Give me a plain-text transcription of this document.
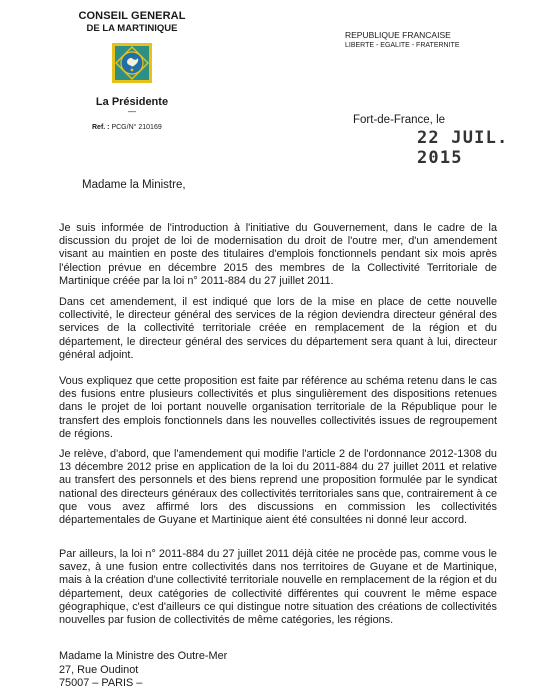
CONSEIL GENERAL
DE LA MARTINIQUE
La Présidente
—
Ref. : PCG/N° 210169
REPUBLIQUE FRANCAISE
LIBERTE - EGALITE - FRATERNITE
Fort-de-France, le
22 JUIL. 2015
Madame la Ministre,
Je suis informée de l'introduction à l'initiative du Gouvernement, dans le cadre de la discussion du projet de loi de modernisation du droit de l'outre mer, d'un amendement visant au maintien en poste des titulaires d'emplois fonctionnels pendant six mois après l'élection prévue en décembre 2015 des membres de la Collectivité Territoriale de Martinique créée par la loi n° 2011-884 du 27 juillet 2011.
Dans cet amendement, il est indiqué que lors de la mise en place de cette nouvelle collectivité, le directeur général des services de la région deviendra directeur général des services de la collectivité territoriale créée en remplacement de la région et du département, le directeur général des services du département sera quant à lui, directeur général adjoint.
Vous expliquez que cette proposition est faite par référence au schéma retenu dans le cas des fusions entre plusieurs collectivités et plus singulièrement des dispositions retenues dans le projet de loi portant nouvelle organisation territoriale de la République pour le transfert des emplois fonctionnels dans les nouvelles collectivités issues de regroupement de régions.
Je relève, d'abord, que l'amendement qui modifie l'article 2 de l'ordonnance 2012-1308 du 13 décembre 2012 prise en application de la loi du 2011-884 du 27 juillet 2011 et relative au transfert des personnels et des biens reprend une proposition formulée par le syndicat national des directeurs généraux des collectivités territoriales sans que, contrairement à ce que vous avez affirmé lors des discussions en commission les collectivités départementales de Guyane et Martinique aient été consultées ni donné leur accord.
Par ailleurs, la loi n° 2011-884 du 27 juillet 2011 déjà citée ne procède pas, comme vous le savez, à une fusion entre collectivités dans nos territoires de Guyane et de Martinique, mais à la création d'une collectivité territoriale nouvelle en remplacement de la région et du département, deux catégories de collectivité différentes qui couvrent le même espace géographique, c'est d'ailleurs ce qui distingue notre situation des créations de collectivités nouvelles par fusion de collectivités de même catégories, les régions.
Madame la Ministre des Outre-Mer
27, Rue Oudinot
75007 – PARIS –
